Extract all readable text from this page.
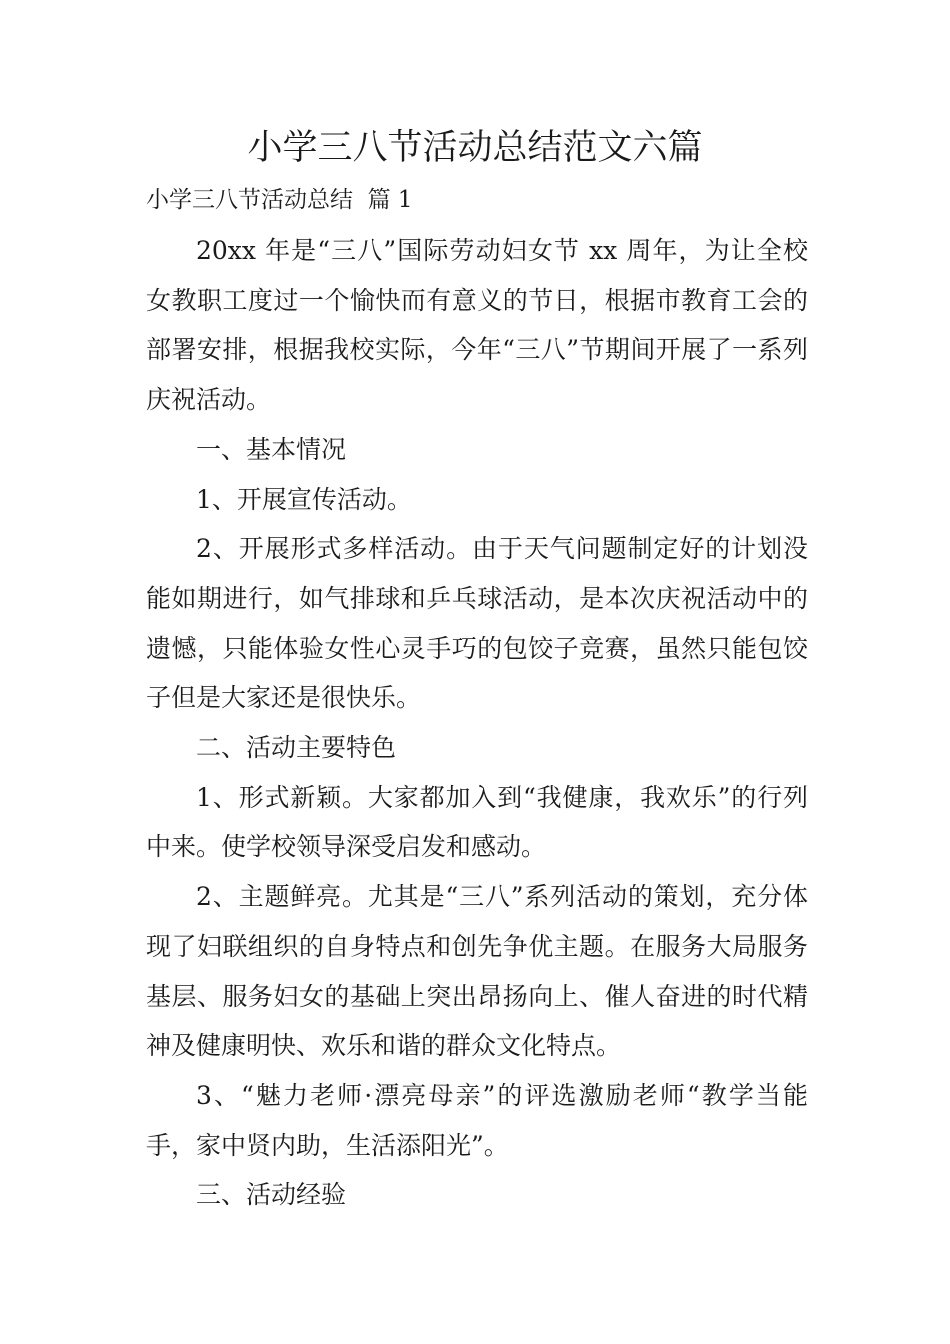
小学三八节活动总结范文六篇
小学三八节活动总结  篇 1

20xx 年是“三八”国际劳动妇女节 xx 周年，为让全校女教职工度过一个愉快而有意义的节日，根据市教育工会的部署安排，根据我校实际，今年“三八”节期间开展了一系列庆祝活动。

一、基本情况

1、开展宣传活动。

2、开展形式多样活动。由于天气问题制定好的计划没能如期进行，如气排球和乒乓球活动，是本次庆祝活动中的遗憾，只能体验女性心灵手巧的包饺子竞赛，虽然只能包饺子但是大家还是很快乐。

二、活动主要特色

1、形式新颖。大家都加入到“我健康，我欢乐”的行列中来。使学校领导深受启发和感动。

2、主题鲜亮。尤其是“三八”系列活动的策划，充分体现了妇联组织的自身特点和创先争优主题。在服务大局服务基层、服务妇女的基础上突出昂扬向上、催人奋进的时代精神及健康明快、欢乐和谐的群众文化特点。

3、“魅力老师·漂亮母亲”的评选激励老师“教学当能手，家中贤内助，生活添阳光”。

三、活动经验
